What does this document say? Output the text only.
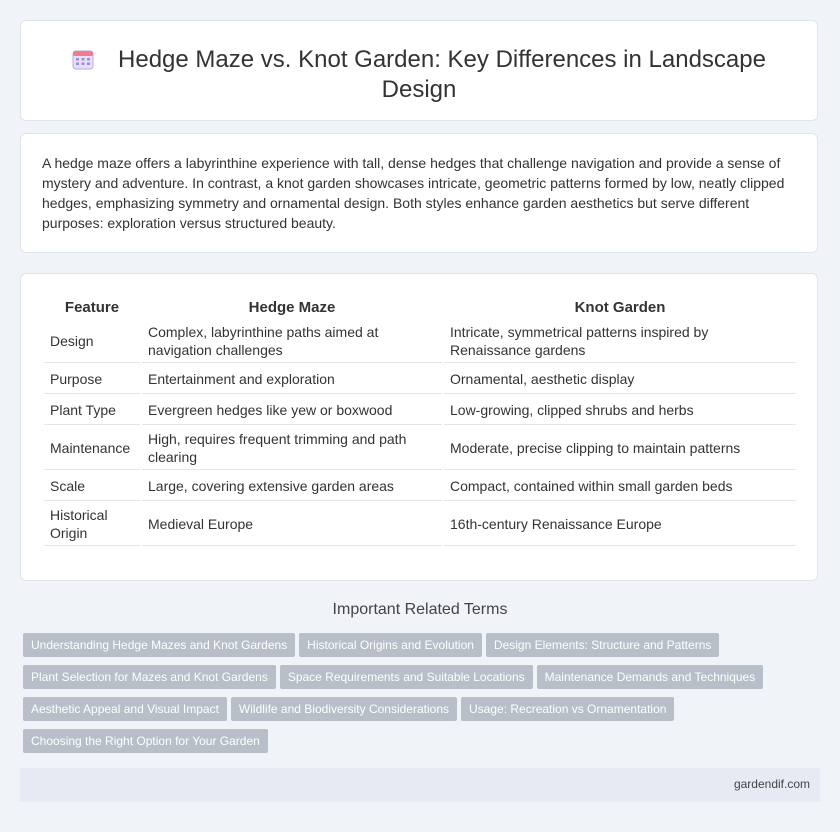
Hedge Maze vs. Knot Garden: Key Differences in Landscape Design

A hedge maze offers a labyrinthine experience with tall, dense hedges that challenge navigation and provide a sense of mystery and adventure. In contrast, a knot garden showcases intricate, geometric patterns formed by low, neatly clipped hedges, emphasizing symmetry and ornamental design. Both styles enhance garden aesthetics but serve different purposes: exploration versus structured beauty.

Feature	Hedge Maze	Knot Garden
Design	Complex, labyrinthine paths aimed at navigation challenges	Intricate, symmetrical patterns inspired by Renaissance gardens
Purpose	Entertainment and exploration	Ornamental, aesthetic display
Plant Type	Evergreen hedges like yew or boxwood	Low-growing, clipped shrubs and herbs
Maintenance	High, requires frequent trimming and path clearing	Moderate, precise clipping to maintain patterns
Scale	Large, covering extensive garden areas	Compact, contained within small garden beds
Historical Origin	Medieval Europe	16th-century Renaissance Europe
Important Related Terms
Understanding Hedge Mazes and Knot Gardens Historical Origins and Evolution Design Elements: Structure and Patterns Plant Selection for Mazes and Knot Gardens Space Requirements and Suitable Locations Maintenance Demands and Techniques Aesthetic Appeal and Visual Impact Wildlife and Biodiversity Considerations Usage: Recreation vs Ornamentation Choosing the Right Option for Your Garden
gardendif.com
